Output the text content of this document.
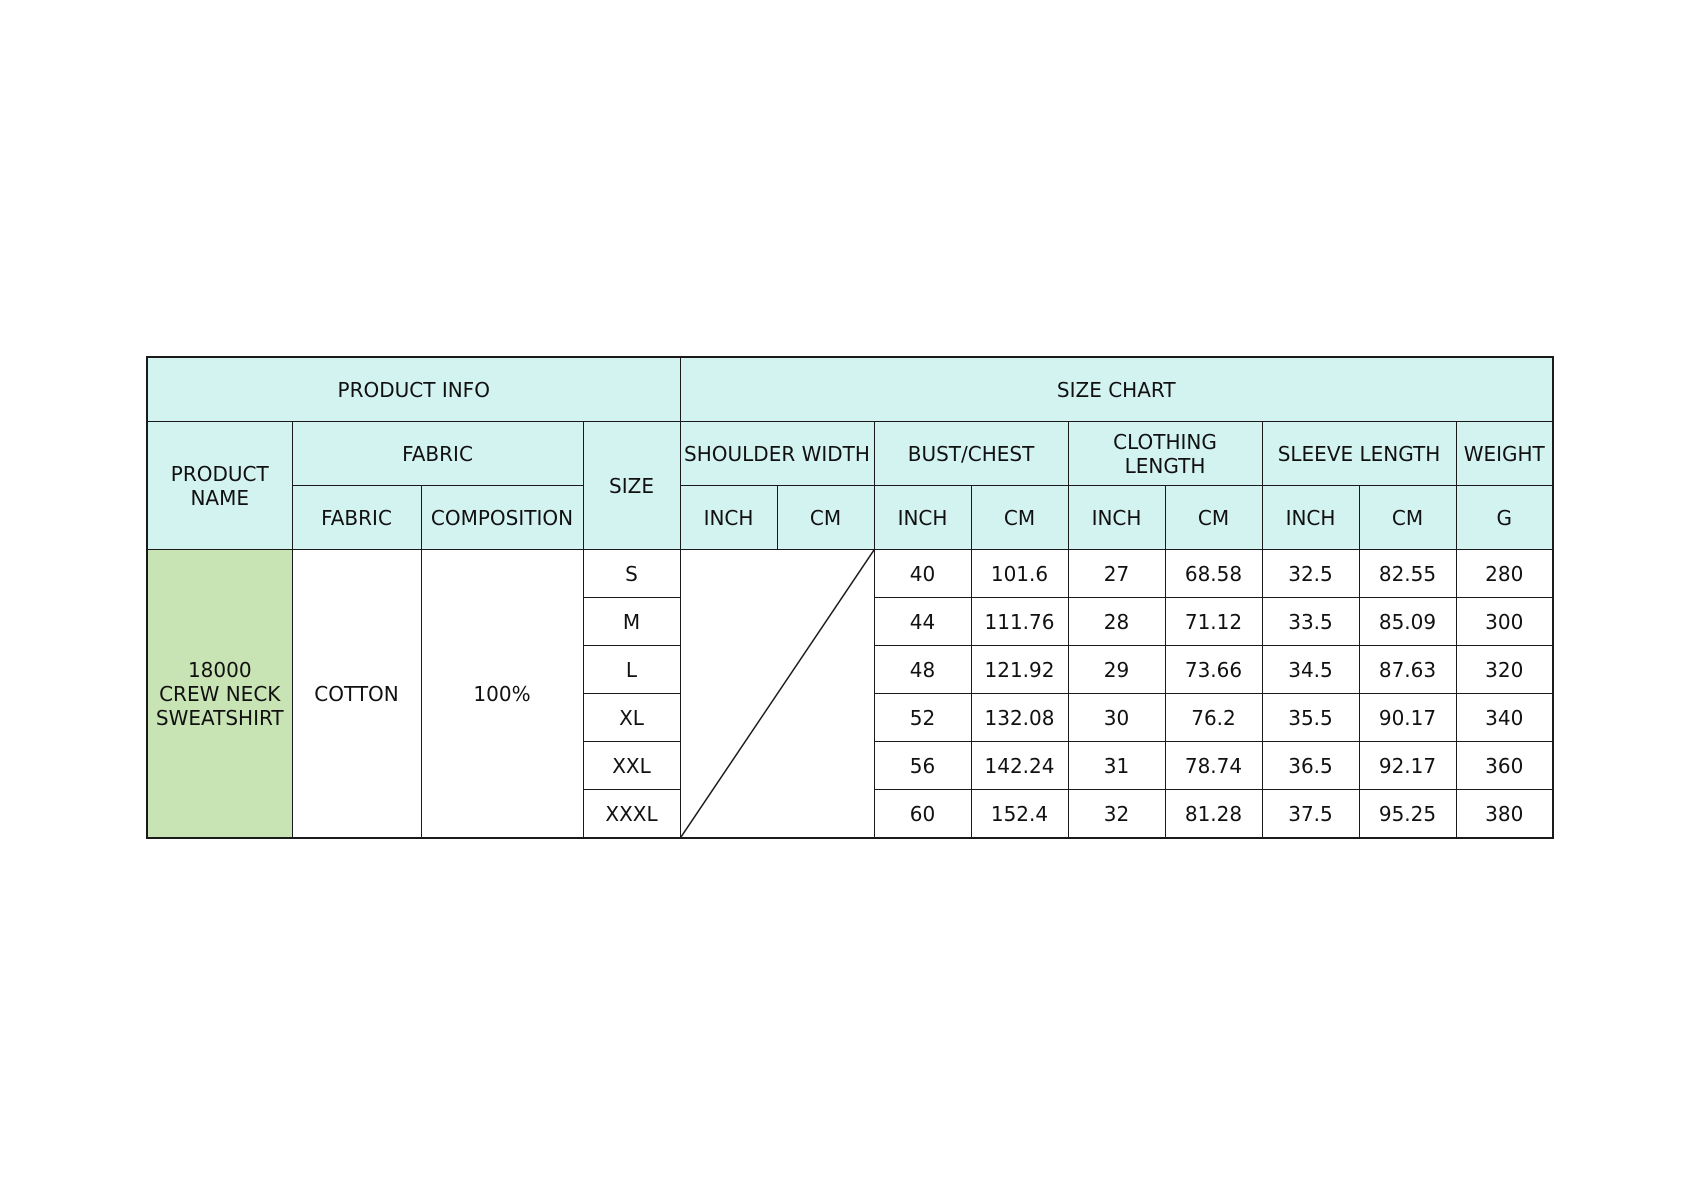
PRODUCT INFO				SIZE CHART								
PRODUCT NAME	FABRIC		SIZE	SHOULDER WIDTH		BUST/CHEST		CLOTHING LENGTH		SLEEVE LENGTH		WEIGHT
	FABRIC	COMPOSITION		INCH	CM	INCH	CM	INCH	CM	INCH	CM	G
18000 CREW NECK SWEATSHIRT	COTTON	100%	S			40	101.6	27	68.58	32.5	82.55	280
			M			44	111.76	28	71.12	33.5	85.09	300
			L			48	121.92	29	73.66	34.5	87.63	320
			XL			52	132.08	30	76.2	35.5	90.17	340
			XXL			56	142.24	31	78.74	36.5	92.17	360
			XXXL			60	152.4	32	81.28	37.5	95.25	380
